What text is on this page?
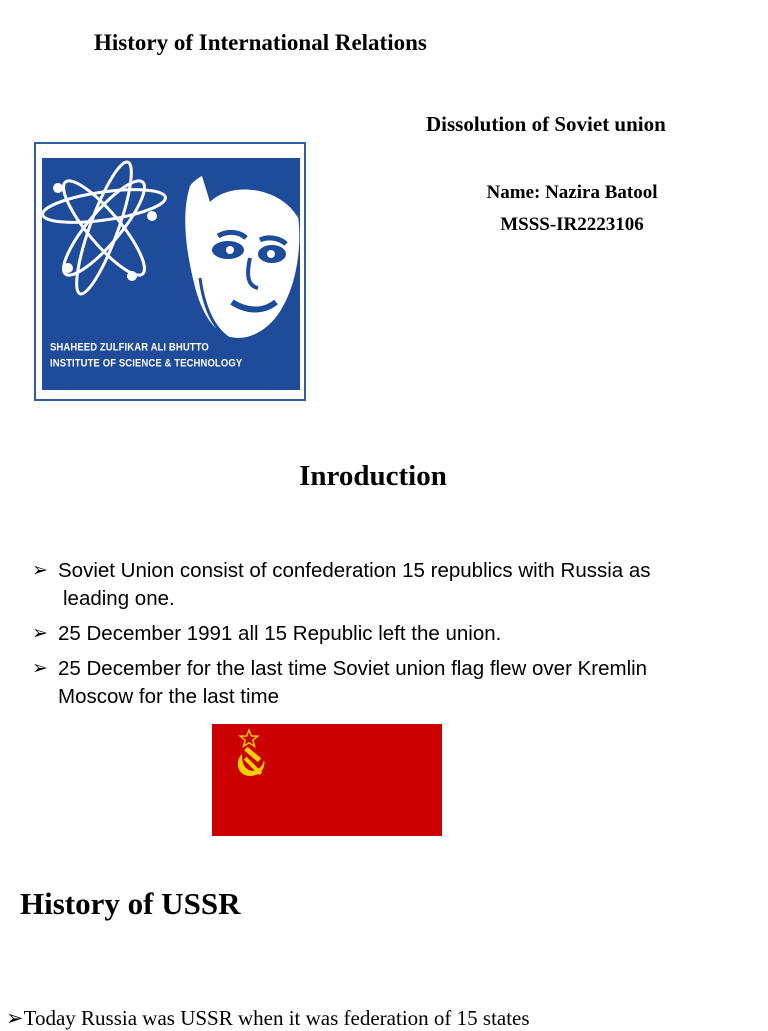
History of International Relations
Dissolution of Soviet union
Name: Nazira Batool
MSSS-IR2223106
SHAHEED ZULFIKAR ALI BHUTTO
INSTITUTE OF SCIENCE & TECHNOLOGY
Inroduction
➢ Soviet Union consist of confederation 15 republics with Russia as
leading one.
➢ 25 December 1991 all 15 Republic left the union.
➢ 25 December for the last time Soviet union flag flew over Kremlin
Moscow for the last time
History of USSR
➢Today Russia was USSR when it was federation of 15 states
